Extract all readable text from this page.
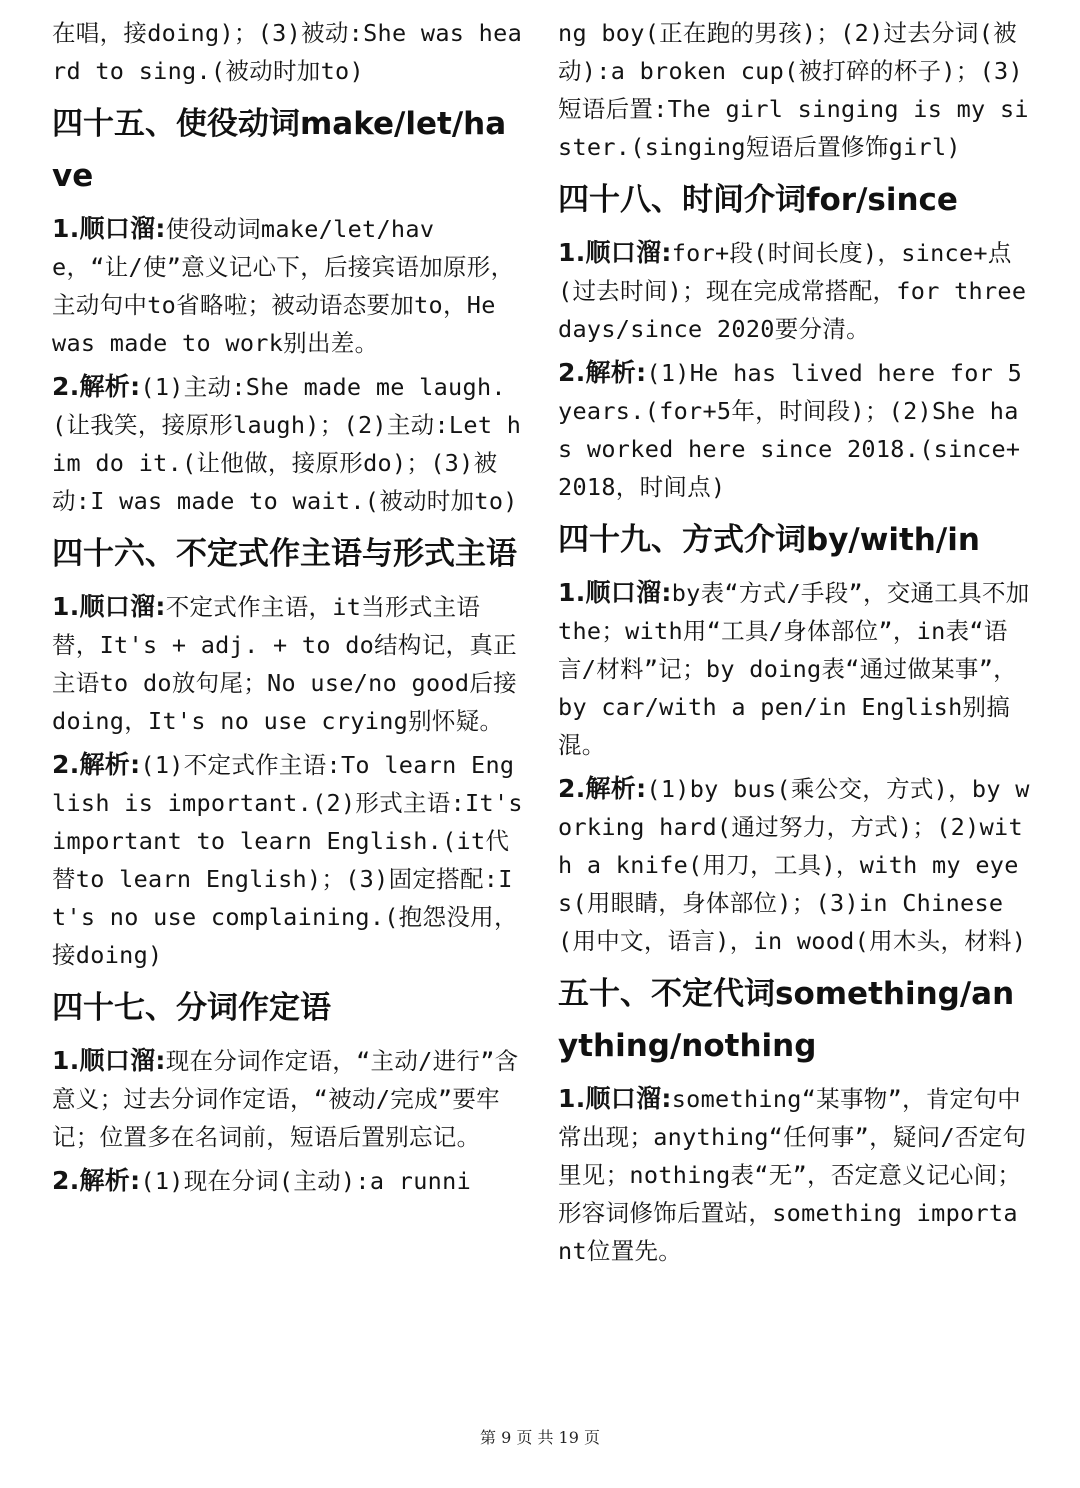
在唱，接doing)；(3)被动:She was heard to sing.(被动时加to)

四十五、使役动词make/let/have

1.顺口溜:使役动词make/let/have，“让/使”意义记心下，后接宾语加原形，主动句中to省略啦；被动语态要加to，He was made to work别出差。

2.解析:(1)主动:She made me laugh.(让我笑，接原形laugh)；(2)主动:Let him do it.(让他做，接原形do)；(3)被动:I was made to wait.(被动时加to)

四十六、不定式作主语与形式主语

1.顺口溜:不定式作主语，it当形式主语替，It's + adj. + to do结构记，真正主语to do放句尾；No use/no good后接doing，It's no use crying别怀疑。

2.解析:(1)不定式作主语:To learn English is important.(2)形式主语:It's important to learn English.(it代替to learn English)；(3)固定搭配:It's no use complaining.(抱怨没用，接doing)

四十七、分词作定语

1.顺口溜:现在分词作定语，“主动/进行”含意义；过去分词作定语，“被动/完成”要牢记；位置多在名词前，短语后置别忘记。

2.解析:(1)现在分词(主动):a runni

ng boy(正在跑的男孩)；(2)过去分词(被动):a broken cup(被打碎的杯子)；(3)短语后置:The girl singing is my sister.(singing短语后置修饰girl)

四十八、时间介词for/since

1.顺口溜:for+段(时间长度)，since+点(过去时间)；现在完成常搭配，for three days/since 2020要分清。

2.解析:(1)He has lived here for 5 years.(for+5年，时间段)；(2)She has worked here since 2018.(since+2018，时间点)

四十九、方式介词by/with/in

1.顺口溜:by表“方式/手段”，交通工具不加the；with用“工具/身体部位”，in表“语言/材料”记；by doing表“通过做某事”，by car/with a pen/in English别搞混。

2.解析:(1)by bus(乘公交，方式)，by working hard(通过努力，方式)；(2)with a knife(用刀，工具)，with my eyes(用眼睛，身体部位)；(3)in Chinese(用中文，语言)，in wood(用木头，材料)

五十、不定代词something/anything/nothing

1.顺口溜:something“某事物”，肯定句中常出现；anything“任何事”，疑问/否定句里见；nothing表“无”，否定意义记心间；形容词修饰后置站，something important位置先。

第 9 页 共 19 页
